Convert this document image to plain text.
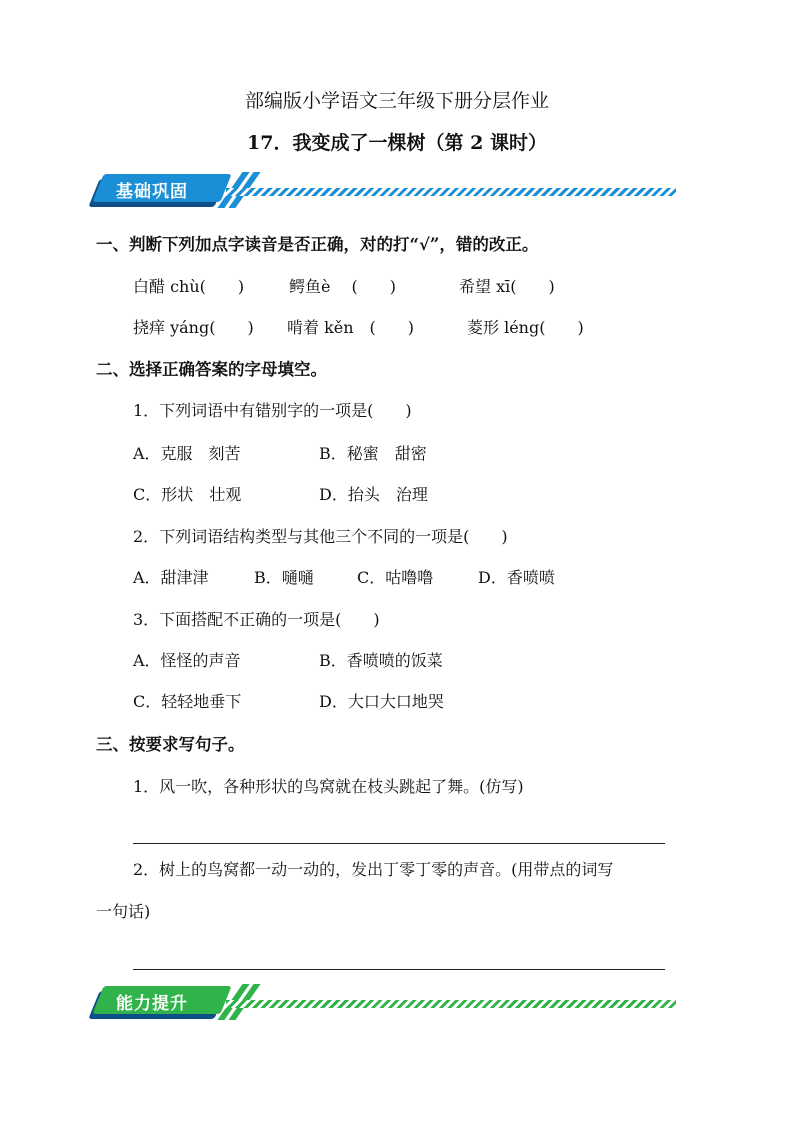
部编版小学语文三年级下册分层作业
17．我变成了一棵树（第 2 课时）
基础巩固
一、判断下列加点字读音是否正确，对的打“√”，错的改正。
白醋 chù(　　)	鳄鱼è　 (　　)	希望 xī(　　)
挠痒 yáng(　　) 啃着 kěn　(　　)	菱形 léng(　　)
二、选择正确答案的字母填空。
1．下列词语中有错别字的一项是(　　)
A．克服　刻苦	B．秘蜜　甜密
C．形状　壮观	D．抬头　治理
2．下列词语结构类型与其他三个不同的一项是(　　)
A．甜津津	B．嗵嗵	C．咕噜噜	D．香喷喷
3．下面搭配不正确的一项是(　　)
A．怪怪的声音	B．香喷喷的饭菜
C．轻轻地垂下	D．大口大口地哭
三、按要求写句子。
1．风一吹，各种形状的鸟窝就在枝头跳起了舞。(仿写)
2．树上的鸟窝都一动一动的，发出丁零丁零的声音。(用带点的词写
一句话)
能力提升
